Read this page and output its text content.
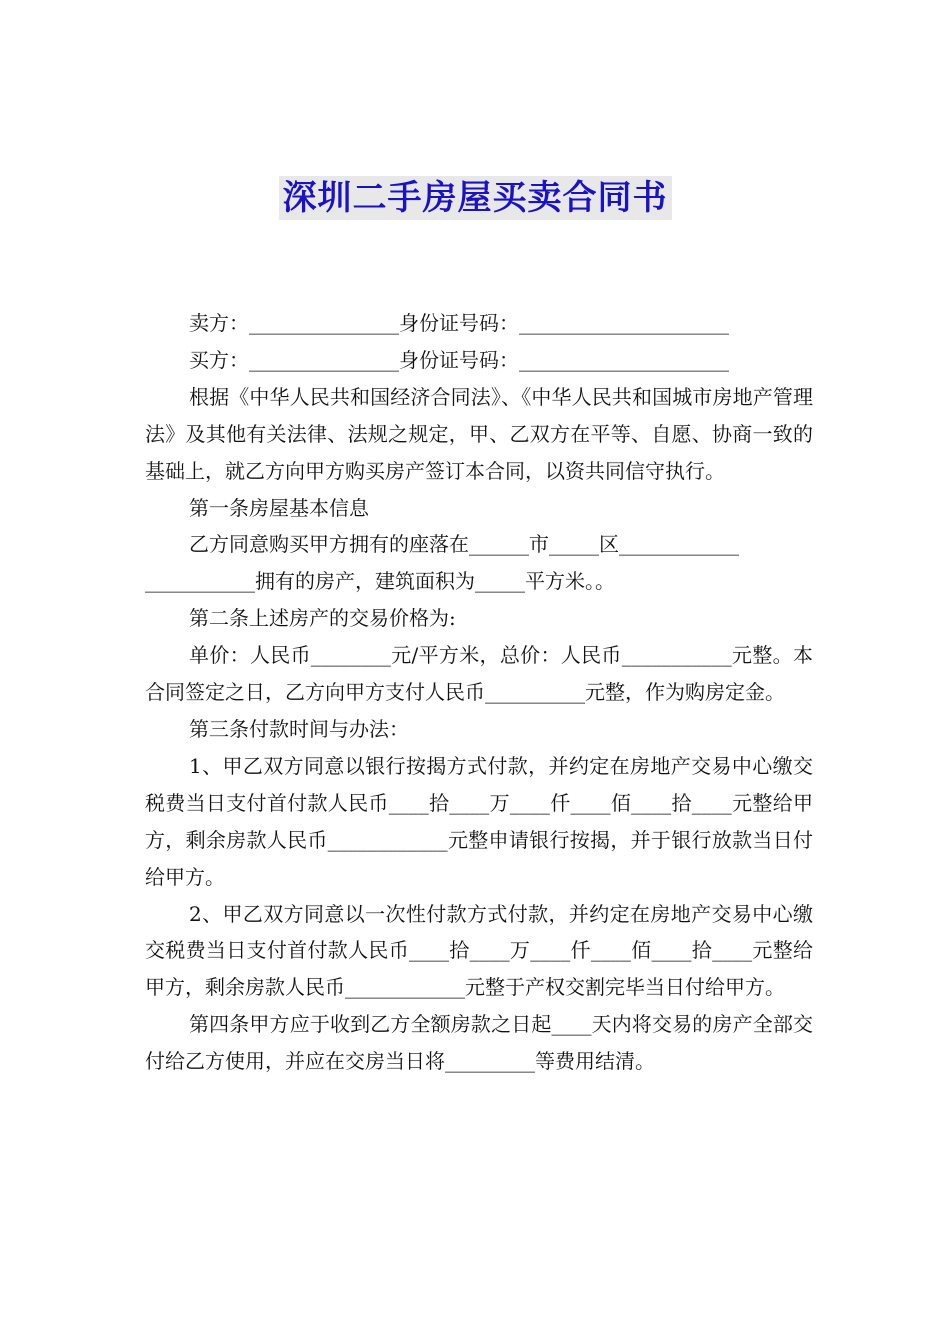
深圳二手房屋买卖合同书

卖方：_______________身份证号码：_____________________

买方：_______________身份证号码：_____________________

根据《中华人民共和国经济合同法》、《中华人民共和国城市房地产管理法》及其他有关法律、法规之规定，甲、乙双方在平等、自愿、协商一致的基础上，就乙方向甲方购买房产签订本合同，以资共同信守执行。

第一条房屋基本信息

乙方同意购买甲方拥有的座落在______市_____区____________

___________拥有的房产，建筑面积为_____平方米。。

第二条上述房产的交易价格为:

单价：人民币________元/平方米，总价：人民币___________元整。本合同签定之日，乙方向甲方支付人民币__________元整，作为购房定金。

第三条付款时间与办法：

1、甲乙双方同意以银行按揭方式付款，并约定在房地产交易中心缴交税费当日支付首付款人民币____拾____万____仟____佰____拾____元整给甲方，剩余房款人民币____________元整申请银行按揭，并于银行放款当日付给甲方。

2、甲乙双方同意以一次性付款方式付款，并约定在房地产交易中心缴交税费当日支付首付款人民币____拾____万____仟____佰____拾____元整给甲方，剩余房款人民币____________元整于产权交割完毕当日付给甲方。

第四条甲方应于收到乙方全额房款之日起____天内将交易的房产全部交付给乙方使用，并应在交房当日将_________等费用结清。
